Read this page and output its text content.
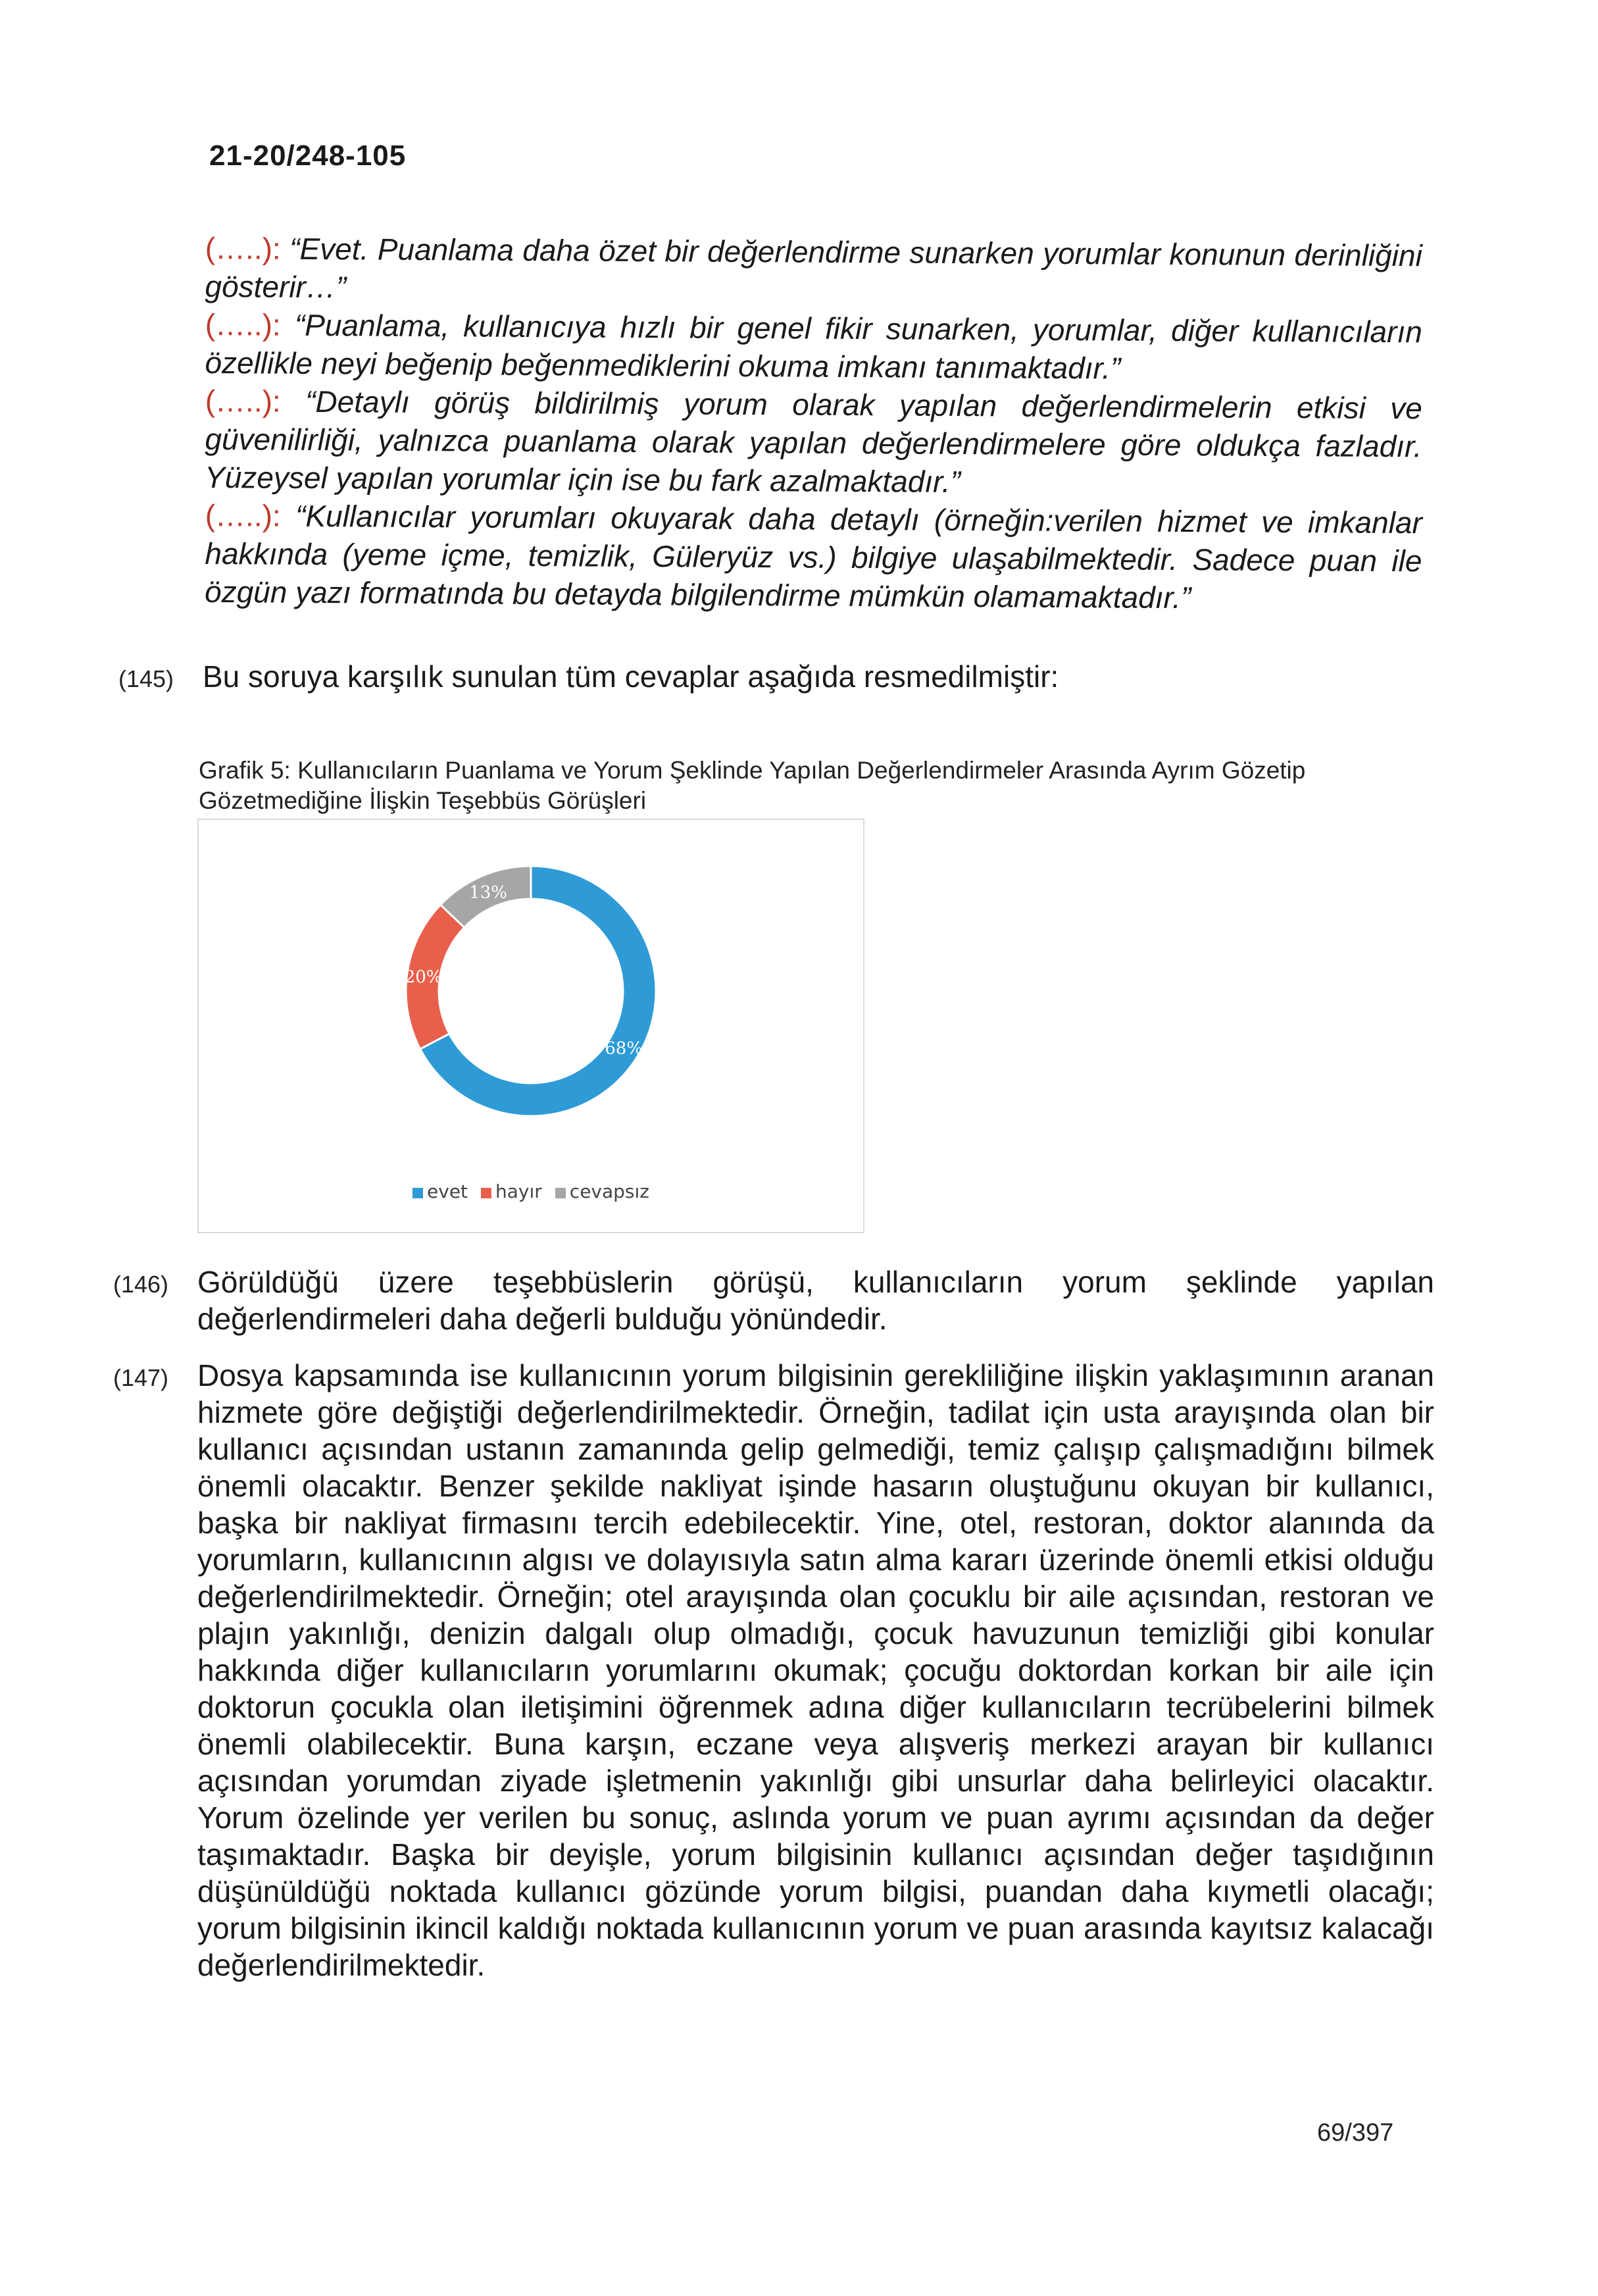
21-20/248-105

(…..): “Evet. Puanlama daha özet bir değerlendirme sunarken yorumlar konunun derinliğini gösterir…”

(…..): “Puanlama, kullanıcıya hızlı bir genel fikir sunarken, yorumlar, diğer kullanıcıların özellikle neyi beğenip beğenmediklerini okuma imkanı tanımaktadır.”

(…..): “Detaylı görüş bildirilmiş yorum olarak yapılan değerlendirmelerin etkisi ve güvenilirliği, yalnızca puanlama olarak yapılan değerlendirmelere göre oldukça fazladır. Yüzeysel yapılan yorumlar için ise bu fark azalmaktadır.”

(…..): “Kullanıcılar yorumları okuyarak daha detaylı (örneğin:verilen hizmet ve imkanlar hakkında (yeme içme, temizlik, Güleryüz vs.) bilgiye ulaşabilmektedir. Sadece puan ile özgün yazı formatında bu detayda bilgilendirme mümkün olamamaktadır.”

(145) Bu soruya karşılık sunulan tüm cevaplar aşağıda resmedilmiştir:
Grafik 5: Kullanıcıların Puanlama ve Yorum Şeklinde Yapılan Değerlendirmeler Arasında Ayrım Gözetip Gözetmediğine İlişkin Teşebbüs Görüşleri
68%
20%
13%
evet hayır cevapsız
(146) Görüldüğü üzere teşebbüslerin görüşü, kullanıcıların yorum şeklinde yapılan değerlendirmeleri daha değerli bulduğu yönündedir.
(147) Dosya kapsamında ise kullanıcının yorum bilgisinin gerekliliğine ilişkin yaklaşımının aranan hizmete göre değiştiği değerlendirilmektedir. Örneğin, tadilat için usta arayışında olan bir kullanıcı açısından ustanın zamanında gelip gelmediği, temiz çalışıp çalışmadığını bilmek önemli olacaktır. Benzer şekilde nakliyat işinde hasarın oluştuğunu okuyan bir kullanıcı, başka bir nakliyat firmasını tercih edebilecektir. Yine, otel, restoran, doktor alanında da yorumların, kullanıcının algısı ve dolayısıyla satın alma kararı üzerinde önemli etkisi olduğu değerlendirilmektedir. Örneğin; otel arayışında olan çocuklu bir aile açısından, restoran ve plajın yakınlığı, denizin dalgalı olup olmadığı, çocuk havuzunun temizliği gibi konular hakkında diğer kullanıcıların yorumlarını okumak; çocuğu doktordan korkan bir aile için doktorun çocukla olan iletişimini öğrenmek adına diğer kullanıcıların tecrübelerini bilmek önemli olabilecektir. Buna karşın, eczane veya alışveriş merkezi arayan bir kullanıcı açısından yorumdan ziyade işletmenin yakınlığı gibi unsurlar daha belirleyici olacaktır. Yorum özelinde yer verilen bu sonuç, aslında yorum ve puan ayrımı açısından da değer taşımaktadır. Başka bir deyişle, yorum bilgisinin kullanıcı açısından değer taşıdığının düşünüldüğü noktada kullanıcı gözünde yorum bilgisi, puandan daha kıymetli olacağı; yorum bilgisinin ikincil kaldığı noktada kullanıcının yorum ve puan arasında kayıtsız kalacağı değerlendirilmektedir.
69/397
